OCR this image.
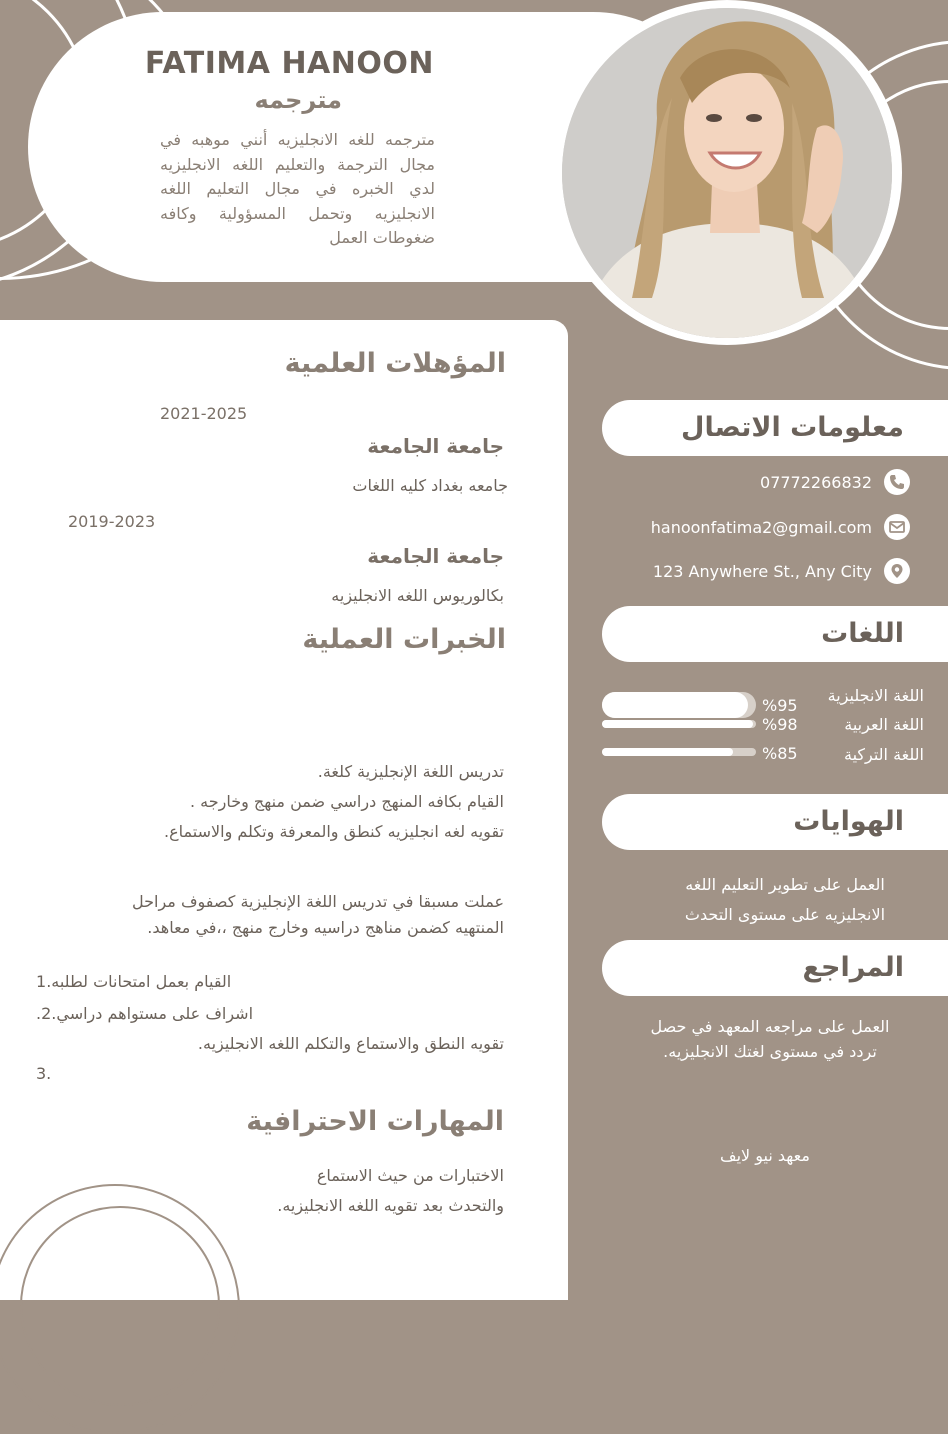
FATIMA HANOON
مترجمه
مترجمه للغه الانجليزيه أنني موهبه في مجال الترجمة والتعليم اللغه الانجليزيه لدي الخبره في مجال التعليم اللغه الانجليزيه وتحمل المسؤولية وكافه ضغوطات العمل
المؤهلات العلمية
2021-2025
جامعة الجامعة
جامعه بغداد كليه اللغات
2019-2023
جامعة الجامعة
بكالوريوس اللغه الانجليزيه
الخبرات العملية
تدريس اللغة الإنجليزية كلغة.
القيام بكافه المنهج دراسي ضمن منهج وخارجه .
تقويه لغه انجليزيه كنطق والمعرفة وتكلم والاستماع.
عملت مسبقا في تدريس اللغة الإنجليزية كصفوف مراحل
المنتهيه كضمن مناهج دراسيه وخارج منهج ،،في معاهد.
القيام بعمل امتحانات لطلبه.1
.اشراف على مستواهم دراسي.2
تقويه النطق والاستماع والتكلم اللغه الانجليزيه.
3.
المهارات الاحترافية
الاختبارات من حيث الاستماع
والتحدث بعد تقويه اللغه الانجليزيه.
معلومات الاتصال
07772266832
hanoonfatima2@gmail.com
123 Anywhere St., Any City
اللغات
اللغة الانجليزية
%95
اللغة العربية
%98
اللغة التركية
%85
الهوايات
العمل على تطوير التعليم اللغه الانجليزيه على مستوى التحدث
المراجع
العمل على مراجعه المعهد في حصل تردد في مستوى لغتك الانجليزيه.
معهد نيو لايف
